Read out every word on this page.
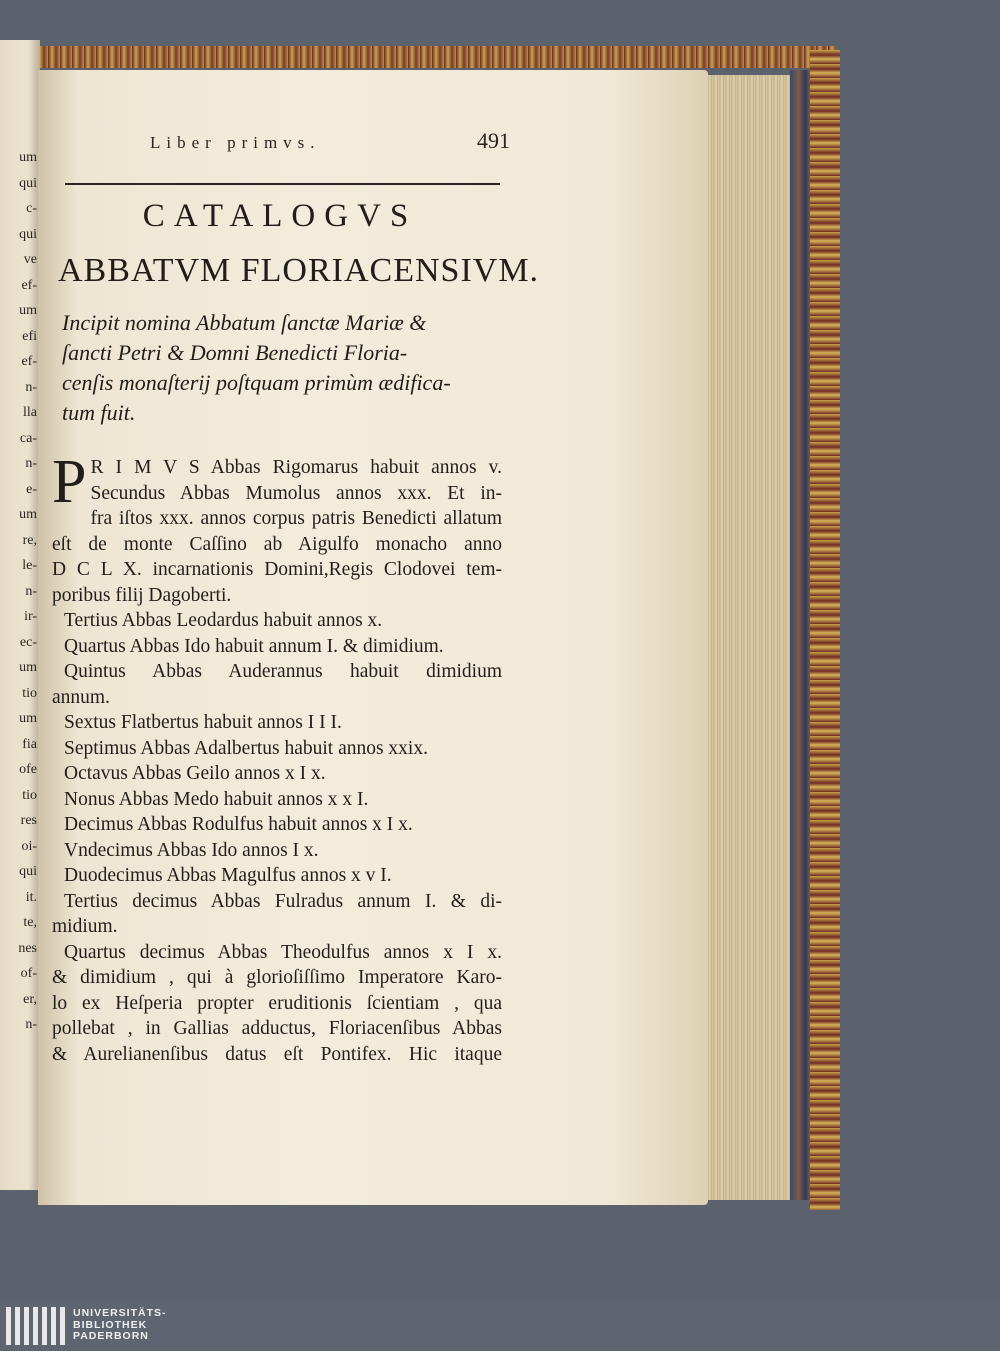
um
qui
c-
qui
ve
ef-
um
efi
ef-
n-
lla
ca-
n-
e-
um
re,
le-
n-
ir-
ec-
um
tio
um
fia
ofe
tio
res
oi-
qui
it.
te,
nes
of-
er,
n-
Liber primvs.	491
CATALOGVS
ABBATVM FLORIACENSIVM.
Incipit nomina Abbatum ſanctæ Mariæ &
ſancti Petri & Domni Benedicti Floria-
cenſis monaſterij poſtquam primùm ædifica-
tum fuit.
P R I M V S Abbas Rigomarus habuit annos v.
Secundus Abbas Mumolus annos xxx. Et in-
fra iſtos xxx. annos corpus patris Benedicti allatum
eſt de monte Caſſino ab Aigulfo monacho anno
D C L X. incarnationis Domini,Regis Clodovei tem-
poribus filij Dagoberti.
Tertius Abbas Leodardus habuit annos x.
Quartus Abbas Ido habuit annum I. & dimidium.
Quintus Abbas Auderannus habuit dimidium
annum.
Sextus Flatbertus habuit annos I I I.
Septimus Abbas Adalbertus habuit annos xxix.
Octavus Abbas Geilo annos x I x.
Nonus Abbas Medo habuit annos x x I.
Decimus Abbas Rodulfus habuit annos x I x.
Vndecimus Abbas Ido annos I x.
Duodecimus Abbas Magulfus annos x v I.
Tertius decimus Abbas Fulradus annum I. & di-
midium.
Quartus decimus Abbas Theodulfus annos x I x.
& dimidium , qui à glorioſiſſimo Imperatore Karo-
lo ex Heſperia propter eruditionis ſcientiam , qua
pollebat , in Gallias adductus, Floriacenſibus Abbas
& Aurelianenſibus datus eſt Pontifex. Hic itaque
UNIVERSITÄTS-
BIBLIOTHEK
PADERBORN
